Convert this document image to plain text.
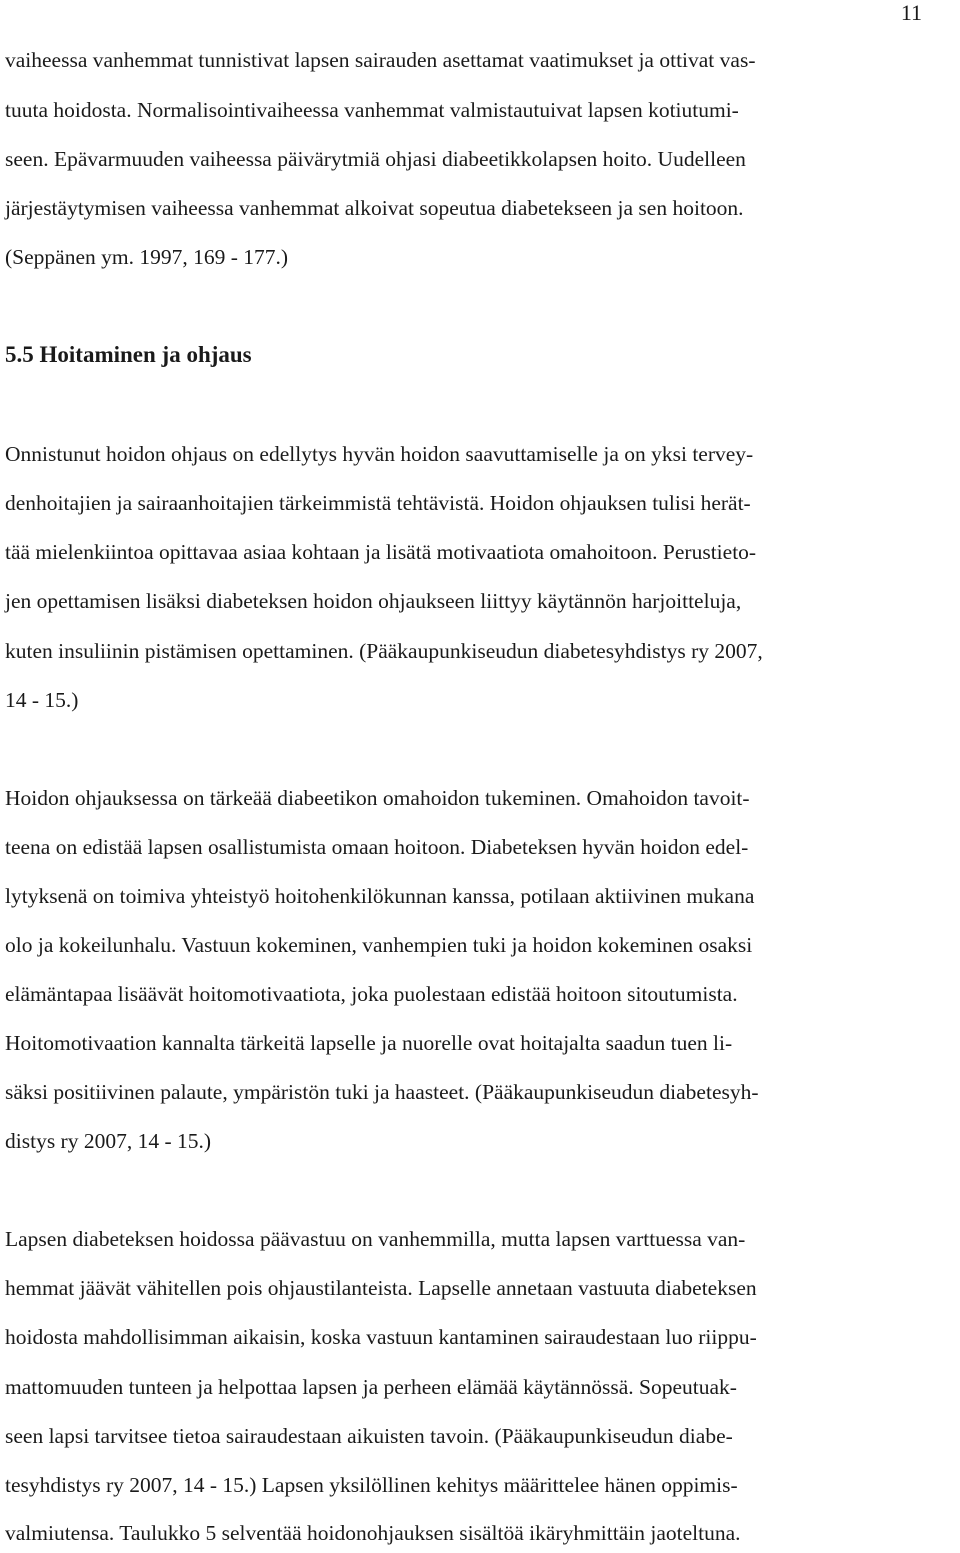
11
vaiheessa vanhemmat tunnistivat lapsen sairauden asettamat vaatimukset ja ottivat vas-
tuuta hoidosta. Normalisointivaiheessa vanhemmat valmistautuivat lapsen kotiutumi-
seen. Epävarmuuden vaiheessa päivärytmiä ohjasi diabeetikkolapsen hoito. Uudelleen
järjestäytymisen vaiheessa vanhemmat alkoivat sopeutua diabetekseen ja sen hoitoon.
(Seppänen ym. 1997, 169 - 177.)
5.5 Hoitaminen ja ohjaus
Onnistunut hoidon ohjaus on edellytys hyvän hoidon saavuttamiselle ja on yksi tervey-
denhoitajien ja sairaanhoitajien tärkeimmistä tehtävistä. Hoidon ohjauksen tulisi herät-
tää mielenkiintoa opittavaa asiaa kohtaan ja lisätä motivaatiota omahoitoon. Perustieto-
jen opettamisen lisäksi diabeteksen hoidon ohjaukseen liittyy käytännön harjoitteluja,
kuten insuliinin pistämisen opettaminen. (Pääkaupunkiseudun diabetesyhdistys ry 2007,
14 - 15.)
Hoidon ohjauksessa on tärkeää diabeetikon omahoidon tukeminen. Omahoidon tavoit-
teena on edistää lapsen osallistumista omaan hoitoon. Diabeteksen hyvän hoidon edel-
lytyksenä on toimiva yhteistyö hoitohenkilökunnan kanssa, potilaan aktiivinen mukana
olo ja kokeilunhalu. Vastuun kokeminen, vanhempien tuki ja hoidon kokeminen osaksi
elämäntapaa lisäävät hoitomotivaatiota, joka puolestaan edistää hoitoon sitoutumista.
Hoitomotivaation kannalta tärkeitä lapselle ja nuorelle ovat hoitajalta saadun tuen li-
säksi positiivinen palaute, ympäristön tuki ja haasteet. (Pääkaupunkiseudun diabetesyh-
distys ry 2007, 14 - 15.)
Lapsen diabeteksen hoidossa päävastuu on vanhemmilla, mutta lapsen varttuessa van-
hemmat jäävät vähitellen pois ohjaustilanteista. Lapselle annetaan vastuuta diabeteksen
hoidosta mahdollisimman aikaisin, koska vastuun kantaminen sairaudestaan luo riippu-
mattomuuden tunteen ja helpottaa lapsen ja perheen elämää käytännössä. Sopeutuak-
seen lapsi tarvitsee tietoa sairaudestaan aikuisten tavoin. (Pääkaupunkiseudun diabe-
tesyhdistys ry 2007, 14 - 15.) Lapsen yksilöllinen kehitys määrittelee hänen oppimis-
valmiutensa. Taulukko 5 selventää hoidonohjauksen sisältöä ikäryhmittäin jaoteltuna.
